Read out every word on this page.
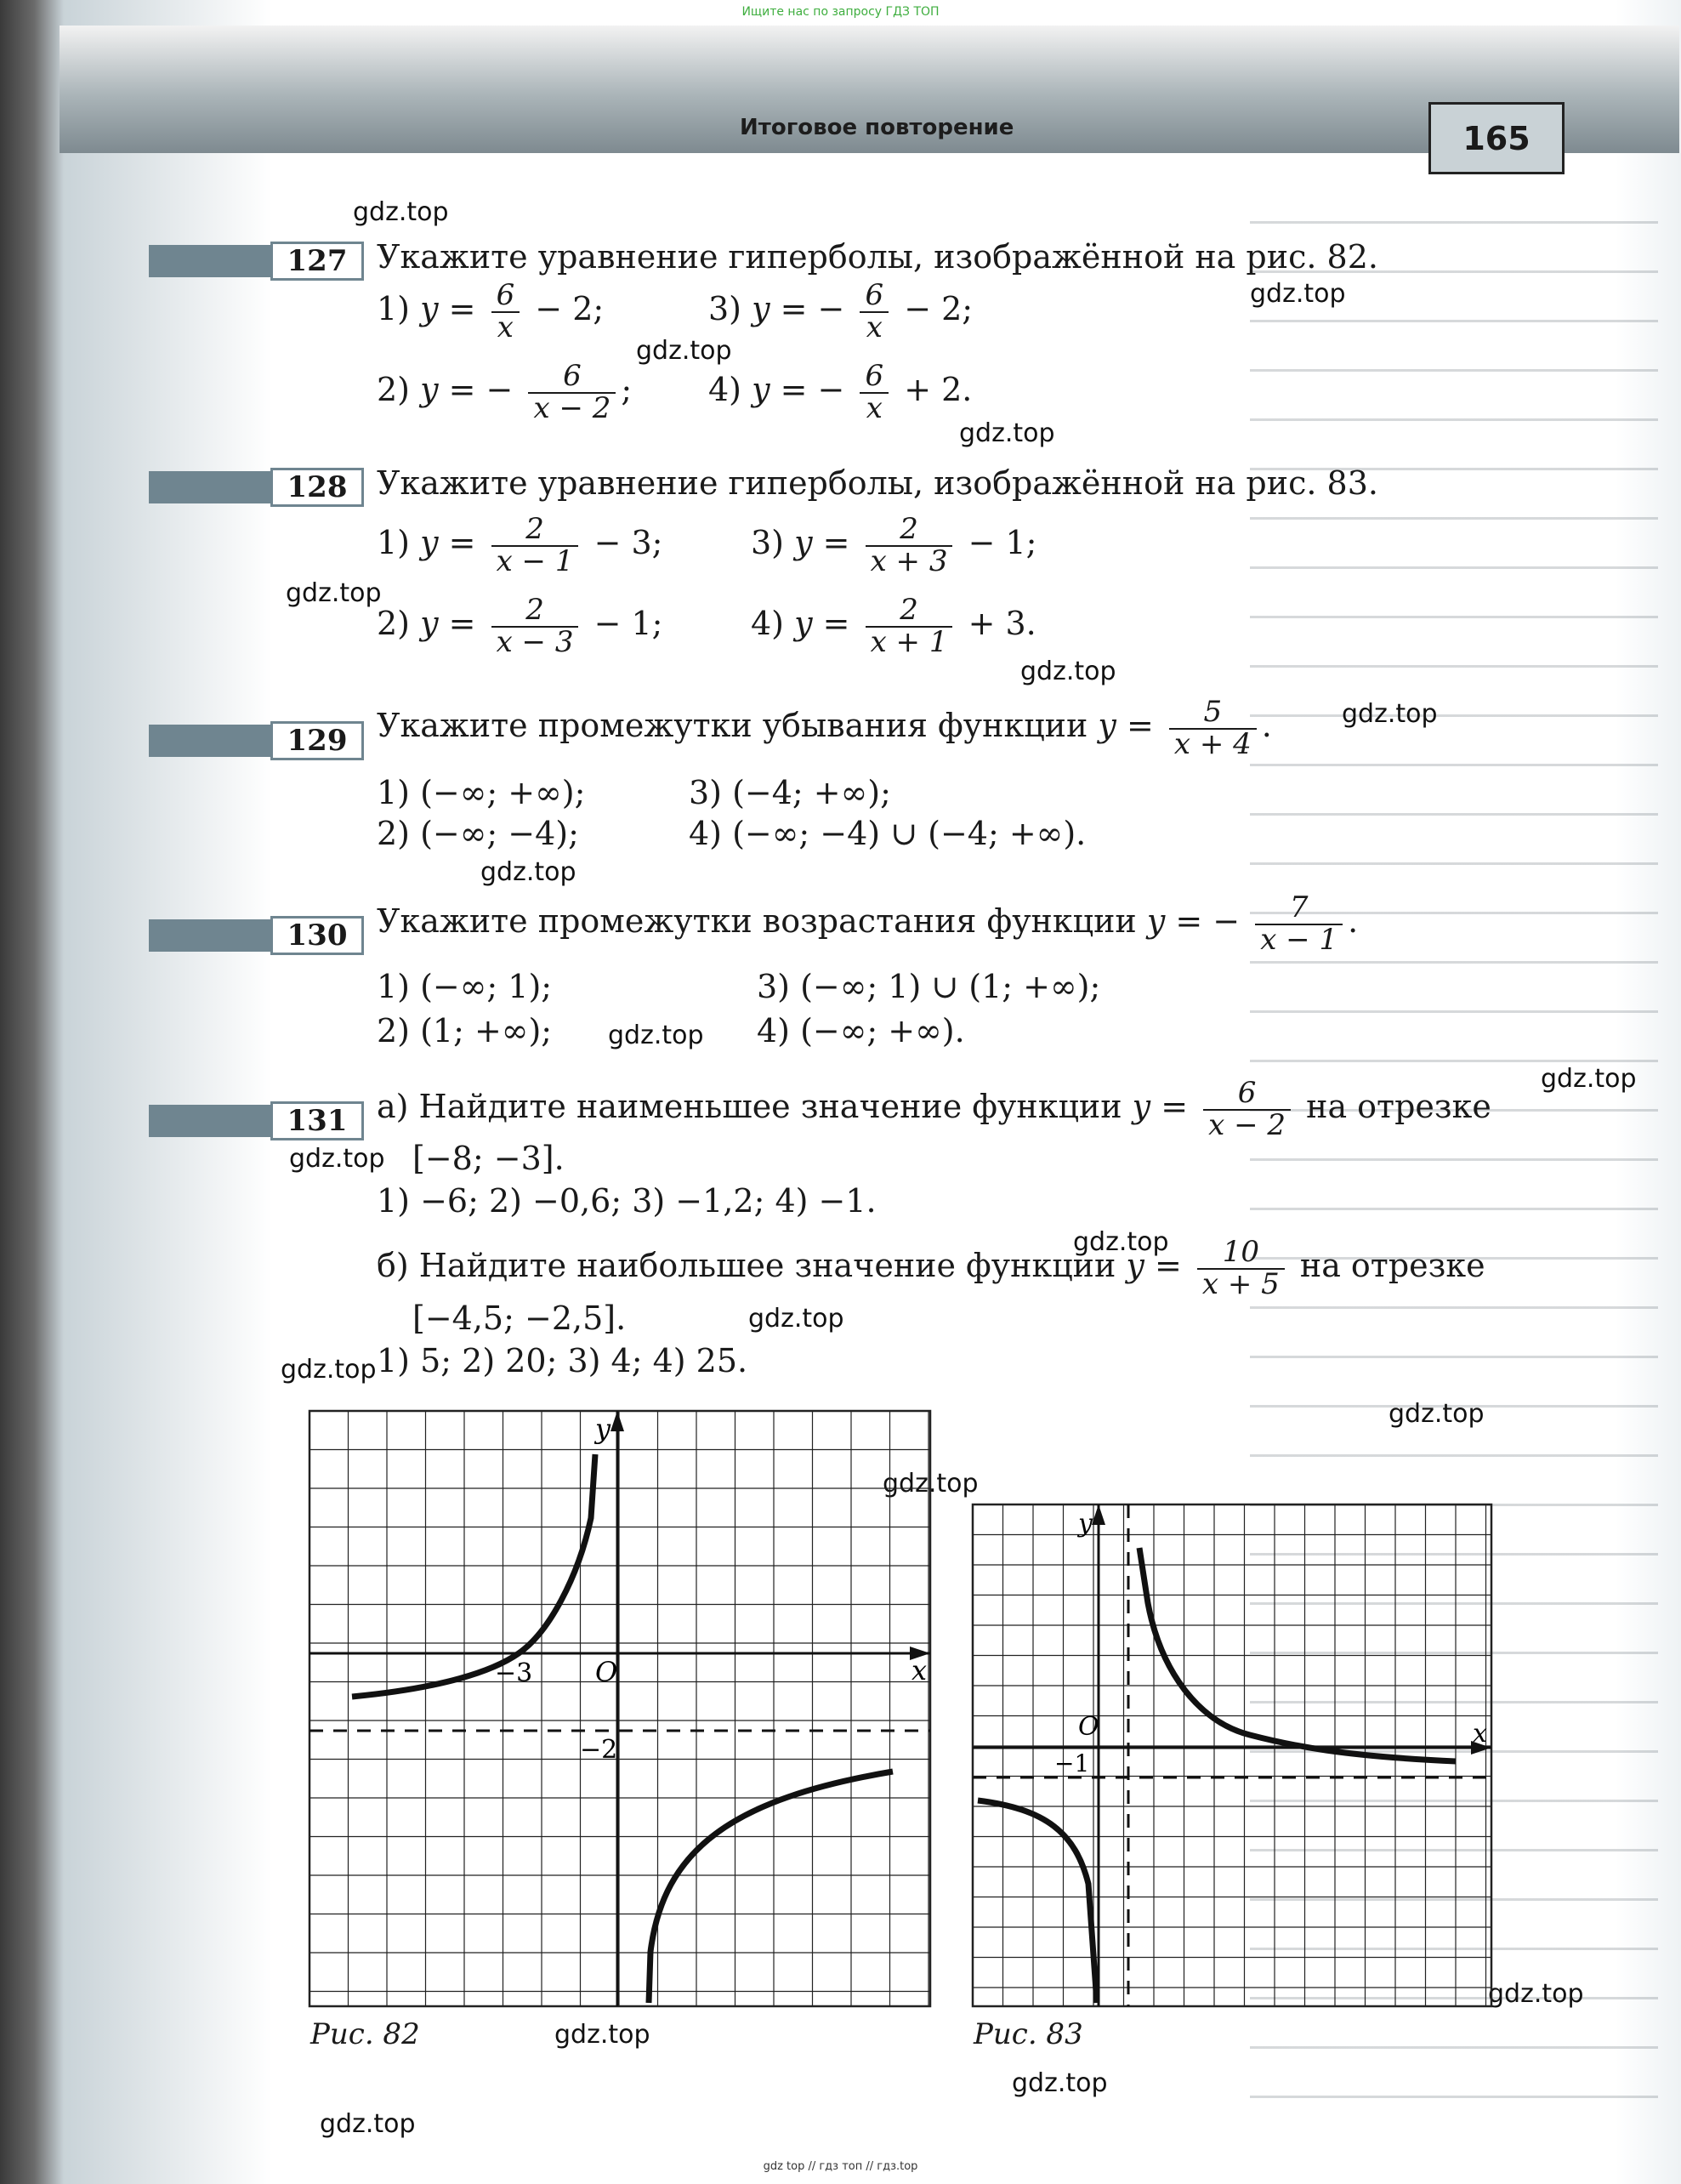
Ищите нас по запросу ГДЗ ТОП
Итоговое повторение	165
gdz.top
gdz.top
gdz.top
gdz.top
gdz.top
gdz.top
gdz.top
gdz.top
gdz.top
gdz.top
gdz.top
gdz.top
gdz.top
gdz.top
gdz.top
gdz.top
gdz.top
gdz.top
gdz.top
gdz.top
127 Укажите уравнение гиперболы, изображённой на рис. 82.
1) $y = \frac{6}{x} - 2$;	3) y = − $\frac{6}{x} - 2$;
2) y = − $\frac{6}{x - 2}$ ; 4) y = − $\frac{6}{x} + 2$.
128 Укажите уравнение гиперболы, изображённой на рис. 83.
1) $y = \frac{2}{x - 1} - 3$;	3) $y = \frac{2}{x + 3} - 1$;
2) $y = \frac{2}{x - 3} - 1$;	4) $y = \frac{2}{x + 1} + 3$.
129 Укажите промежутки убывания функции $y = \frac{5}{x + 4}$ .
1) (−∞; +∞);	3) (−4; +∞);
2) (−∞; −4);	4) (−∞; −4) ∪ (−4; +∞).
130 Укажите промежутки возрастания функции y = − $\frac{7}{x - 1}$ .
1) (−∞; 1);	3) (−∞; 1) ∪ (1; +∞);
2) (1; +∞);	4) (−∞; +∞).
131 а) Найдите наименьшее значение функции $y = \frac{6}{x - 2}$ на отрезке
[−8; −3].
1) −6; 2) −0,6; 3) −1,2; 4) −1.
б) Найдите наибольшее значение функции $y = \frac{10}{x + 5}$ на отрезке
[−4,5; −2,5].
1) 5; 2) 20; 3) 4; 4) 25.
y
x
O
−3
−2
Рис. 82
y
x
O
−1
Рис. 83
gdz top // гдз топ // гдз.top
